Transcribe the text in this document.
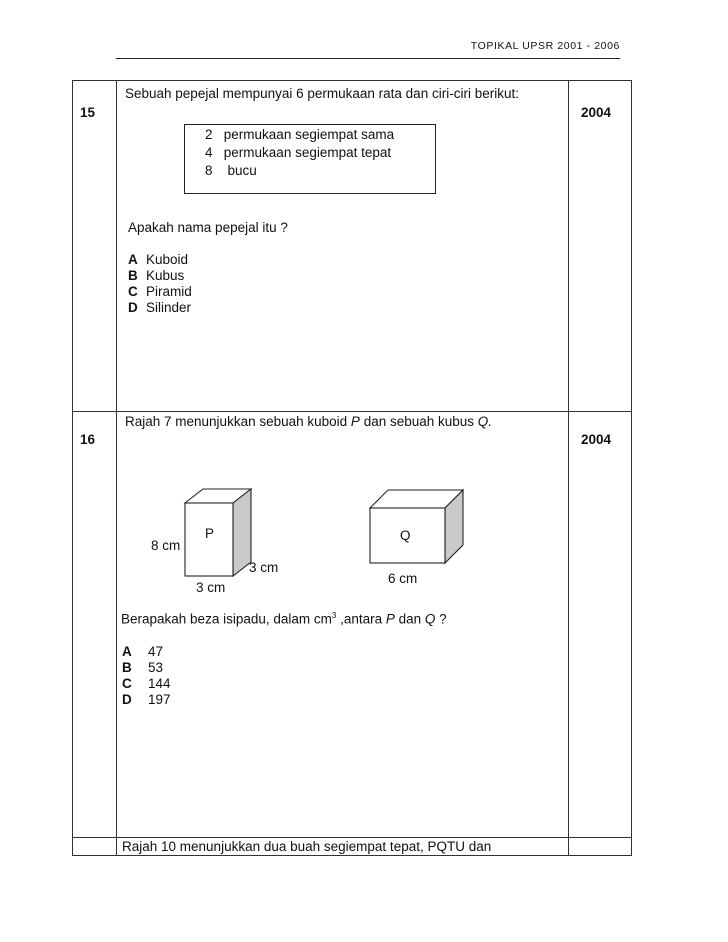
TOPIKAL UPSR 2001 - 2006
15	2004
Sebuah pepejal mempunyai 6 permukaan rata dan ciri-ciri berikut:
2 permukaan segiempat sama
4 permukaan segiempat tepat
8 bucu
Apakah nama pepejal itu ?
A Kuboid
B Kubus
C Piramid
D Silinder
16	2004
Rajah 7 menunjukkan sebuah kuboid P dan sebuah kubus Q.
P	Q
8 cm
3 cm
3 cm
6 cm
Berapakah beza isipadu, dalam $cm^3$ ,antara P dan Q ?
A 47
B 53
C 144
D 197
Rajah 10 menunjukkan dua buah segiempat tepat, PQTU dan
